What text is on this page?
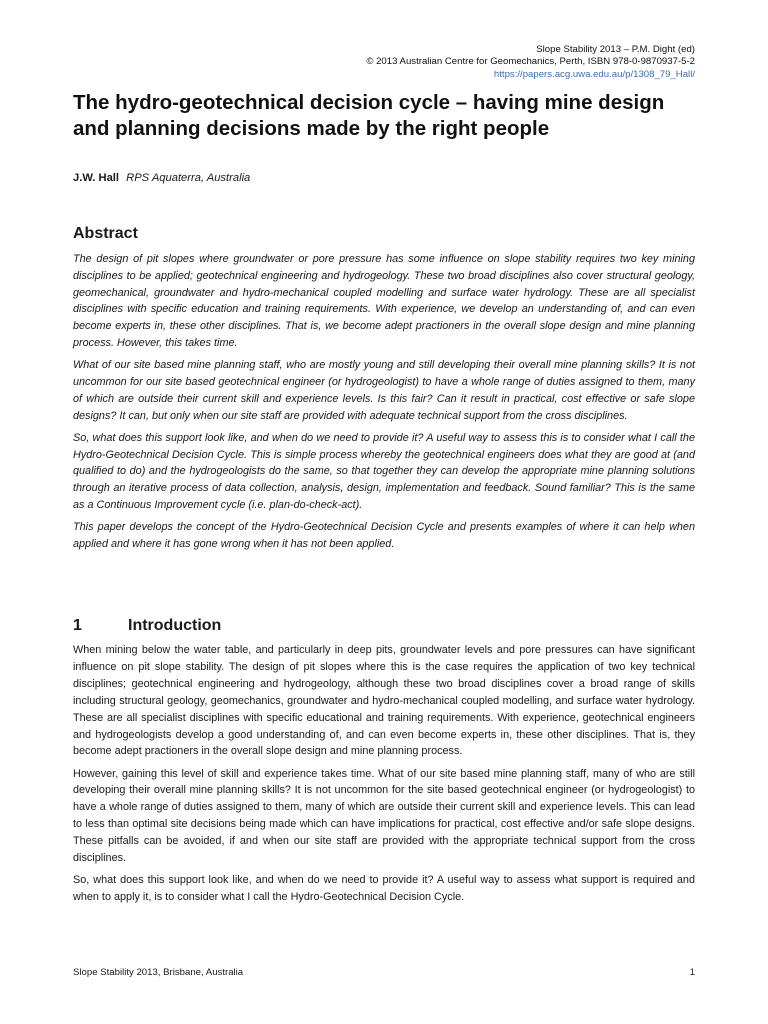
Slope Stability 2013 – P.M. Dight (ed)
© 2013 Australian Centre for Geomechanics, Perth, ISBN 978-0-9870937-5-2
https://papers.acg.uwa.edu.au/p/1308_79_Hall/
The hydro-geotechnical decision cycle – having mine design and planning decisions made by the right people
J.W. Hall RPS Aquaterra, Australia
Abstract

The design of pit slopes where groundwater or pore pressure has some influence on slope stability requires two key mining disciplines to be applied; geotechnical engineering and hydrogeology. These two broad disciplines also cover structural geology, geomechanical, groundwater and hydro-mechanical coupled modelling and surface water hydrology. These are all specialist disciplines with specific education and training requirements. With experience, we develop an understanding of, and can even become experts in, these other disciplines. That is, we become adept practioners in the overall slope design and mine planning process. However, this takes time.

What of our site based mine planning staff, who are mostly young and still developing their overall mine planning skills? It is not uncommon for our site based geotechnical engineer (or hydrogeologist) to have a whole range of duties assigned to them, many of which are outside their current skill and experience levels. Is this fair? Can it result in practical, cost effective or safe slope designs? It can, but only when our site staff are provided with adequate technical support from the cross disciplines.

So, what does this support look like, and when do we need to provide it? A useful way to assess this is to consider what I call the Hydro-Geotechnical Decision Cycle. This is simple process whereby the geotechnical engineers does what they are good at (and qualified to do) and the hydrogeologists do the same, so that together they can develop the appropriate mine planning solutions through an iterative process of data collection, analysis, design, implementation and feedback. Sound familiar? This is the same as a Continuous Improvement cycle (i.e. plan-do-check-act).

This paper develops the concept of the Hydro-Geotechnical Decision Cycle and presents examples of where it can help when applied and where it has gone wrong when it has not been applied.

1	Introduction

When mining below the water table, and particularly in deep pits, groundwater levels and pore pressures can have significant influence on pit slope stability. The design of pit slopes where this is the case requires the application of two key technical disciplines; geotechnical engineering and hydrogeology, although these two broad disciplines cover a broad range of skills including structural geology, geomechanics, groundwater and hydro-mechanical coupled modelling, and surface water hydrology. These are all specialist disciplines with specific educational and training requirements. With experience, geotechnical engineers and hydrogeologists develop a good understanding of, and can even become experts in, these other disciplines. That is, they become adept practioners in the overall slope design and mine planning process.

However, gaining this level of skill and experience takes time. What of our site based mine planning staff, many of who are still developing their overall mine planning skills? It is not uncommon for the site based geotechnical engineer (or hydrogeologist) to have a whole range of duties assigned to them, many of which are outside their current skill and experience levels. This can lead to less than optimal site decisions being made which can have implications for practical, cost effective and/or safe slope designs. These pitfalls can be avoided, if and when our site staff are provided with the appropriate technical support from the cross disciplines.

So, what does this support look like, and when do we need to provide it? A useful way to assess what support is required and when to apply it, is to consider what I call the Hydro-Geotechnical Decision Cycle.

Slope Stability 2013, Brisbane, Australia	1
